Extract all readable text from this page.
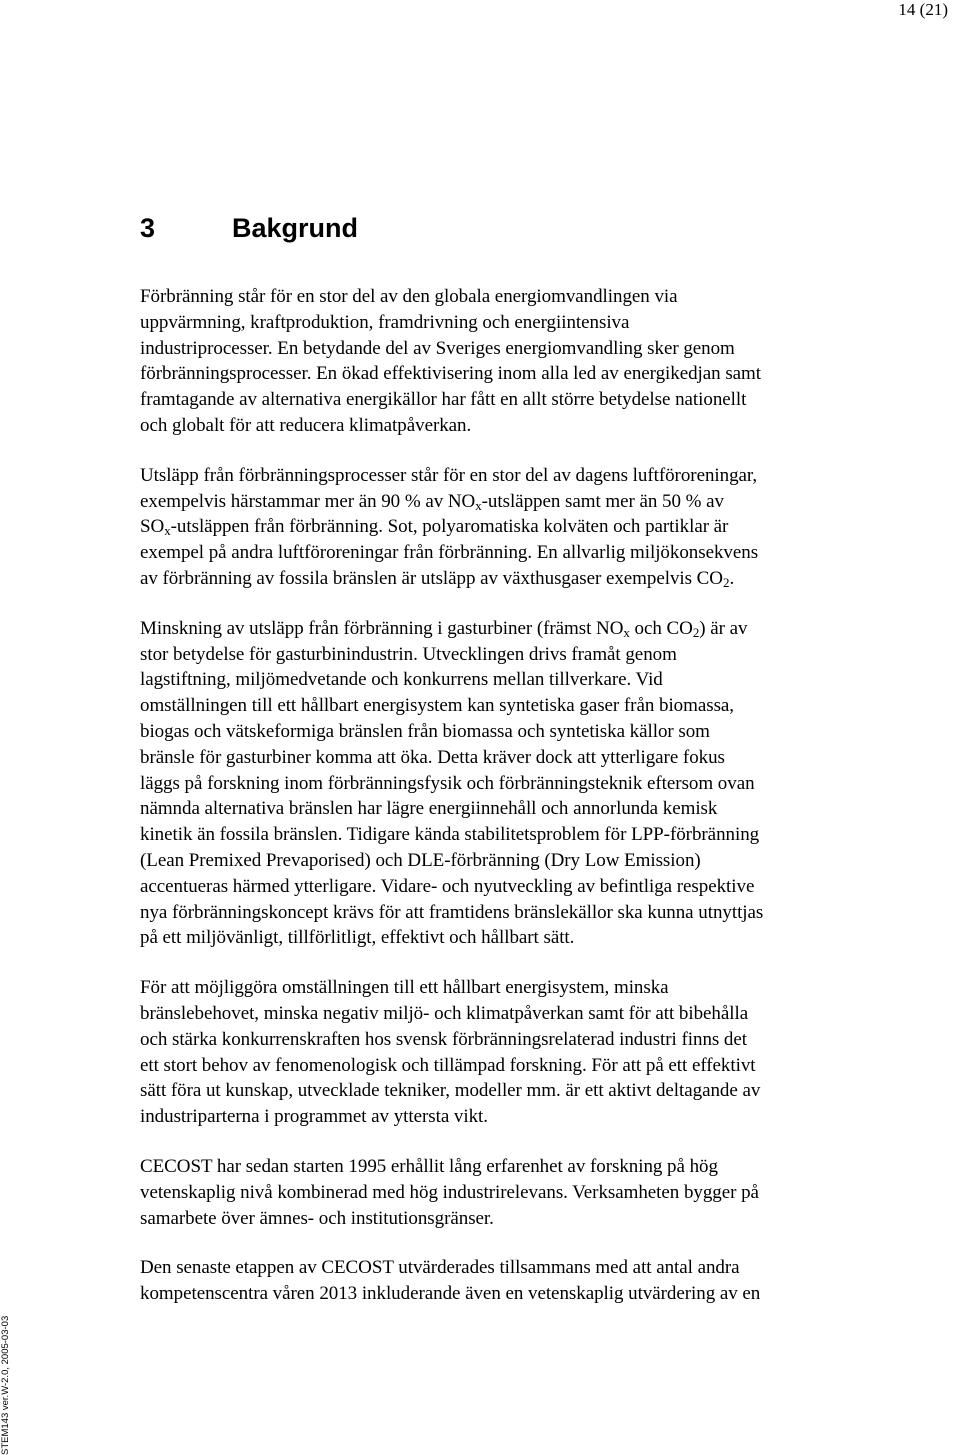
14 (21)
3	Bakgrund

Förbränning står för en stor del av den globala energiomvandlingen via
uppvärmning, kraftproduktion, framdrivning och energiintensiva
industriprocesser. En betydande del av Sveriges energiomvandling sker genom
förbränningsprocesser. En ökad effektivisering inom alla led av energikedjan samt
framtagande av alternativa energikällor har fått en allt större betydelse nationellt
och globalt för att reducera klimatpåverkan.

Utsläpp från förbränningsprocesser står för en stor del av dagens luftföroreningar,
exempelvis härstammar mer än 90 % av $NO_x$-utsläppen samt mer än 50 % av
$SO_x$-utsläppen från förbränning. Sot, polyaromatiska kolväten och partiklar är
exempel på andra luftföroreningar från förbränning. En allvarlig miljökonsekvens
av förbränning av fossila bränslen är utsläpp av växthusgaser exempelvis $CO_2$.

Minskning av utsläpp från förbränning i gasturbiner (främst $NO_x$ och $CO_2$) är av
stor betydelse för gasturbinindustrin. Utvecklingen drivs framåt genom
lagstiftning, miljömedvetande och konkurrens mellan tillverkare. Vid
omställningen till ett hållbart energisystem kan syntetiska gaser från biomassa,
biogas och vätskeformiga bränslen från biomassa och syntetiska källor som
bränsle för gasturbiner komma att öka. Detta kräver dock att ytterligare fokus
läggs på forskning inom förbränningsfysik och förbränningsteknik eftersom ovan
nämnda alternativa bränslen har lägre energiinnehåll och annorlunda kemisk
kinetik än fossila bränslen. Tidigare kända stabilitetsproblem för LPP-förbränning
(Lean Premixed Prevaporised) och DLE-förbränning (Dry Low Emission)
accentueras härmed ytterligare. Vidare- och nyutveckling av befintliga respektive
nya förbränningskoncept krävs för att framtidens bränslekällor ska kunna utnyttjas
på ett miljövänligt, tillförlitligt, effektivt och hållbart sätt.

För att möjliggöra omställningen till ett hållbart energisystem, minska
bränslebehovet, minska negativ miljö- och klimatpåverkan samt för att bibehålla
och stärka konkurrenskraften hos svensk förbränningsrelaterad industri finns det
ett stort behov av fenomenologisk och tillämpad forskning. För att på ett effektivt
sätt föra ut kunskap, utvecklade tekniker, modeller mm. är ett aktivt deltagande av
industriparterna i programmet av yttersta vikt.

CECOST har sedan starten 1995 erhållit lång erfarenhet av forskning på hög
vetenskaplig nivå kombinerad med hög industrirelevans. Verksamheten bygger på
samarbete över ämnes- och institutionsgränser.

Den senaste etappen av CECOST utvärderades tillsammans med att antal andra
kompetenscentra våren 2013 inkluderande även en vetenskaplig utvärdering av en

STEM143 ver.W-2.0, 2005-03-03
